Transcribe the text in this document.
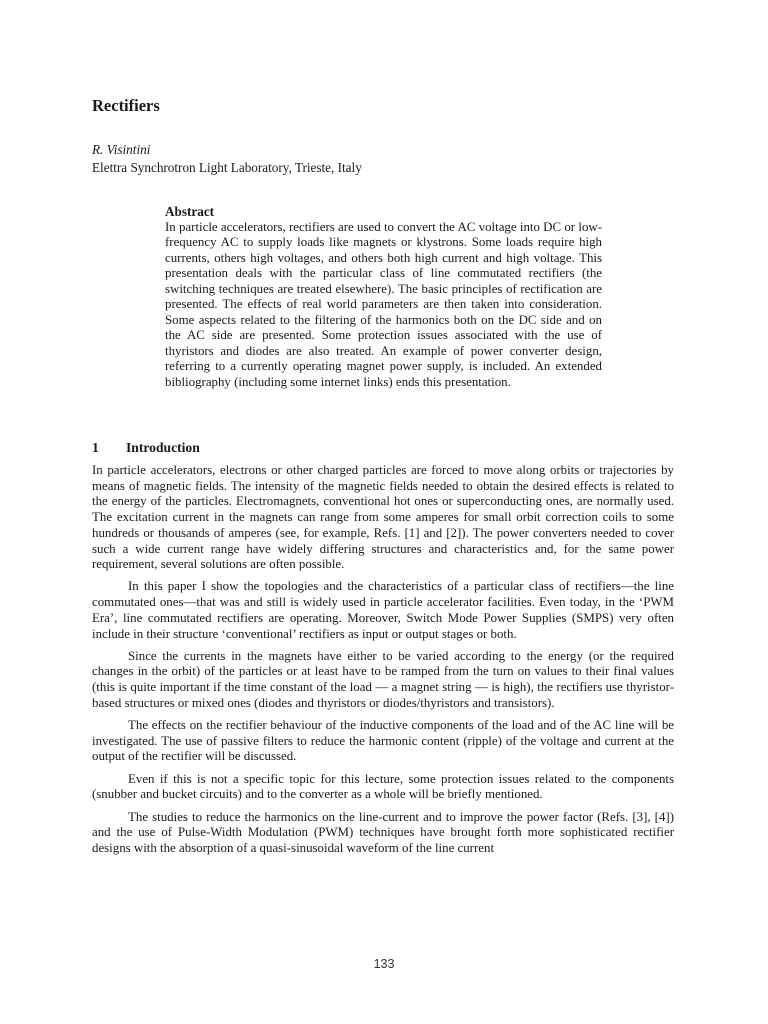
Rectifiers
R. Visintini
Elettra Synchrotron Light Laboratory, Trieste, Italy
Abstract

In particle accelerators, rectifiers are used to convert the AC voltage into DC or low- frequency AC to supply loads like magnets or klystrons. Some loads require high currents, others high voltages, and others both high current and high voltage. This presentation deals with the particular class of line commutated rectifiers (the switching techniques are treated elsewhere). The basic principles of rectification are presented. The effects of real world parameters are then taken into consideration. Some aspects related to the filtering of the harmonics both on the DC side and on the AC side are presented. Some protection issues associated with the use of thyristors and diodes are also treated. An example of power converter design, referring to a currently operating magnet power supply, is included. An extended bibliography (including some internet links) ends this presentation.

1 Introduction

In particle accelerators, electrons or other charged particles are forced to move along orbits or trajectories by means of magnetic fields. The intensity of the magnetic fields needed to obtain the desired effects is related to the energy of the particles. Electromagnets, conventional hot ones or superconducting ones, are normally used. The excitation current in the magnets can range from some amperes for small orbit correction coils to some hundreds or thousands of amperes (see, for example, Refs. [1] and [2]). The power converters needed to cover such a wide current range have widely differing structures and characteristics and, for the same power requirement, several solutions are often possible.

In this paper I show the topologies and the characteristics of a particular class of rectifiers—the line commutated ones—that was and still is widely used in particle accelerator facilities. Even today, in the ‘PWM Era’, line commutated rectifiers are operating. Moreover, Switch Mode Power Supplies (SMPS) very often include in their structure ‘conventional’ rectifiers as input or output stages or both.

Since the currents in the magnets have either to be varied according to the energy (or the required changes in the orbit) of the particles or at least have to be ramped from the turn on values to their final values (this is quite important if the time constant of the load — a magnet string — is high), the rectifiers use thyristor-based structures or mixed ones (diodes and thyristors or diodes/thyristors and transistors).

The effects on the rectifier behaviour of the inductive components of the load and of the AC line will be investigated. The use of passive filters to reduce the harmonic content (ripple) of the voltage and current at the output of the rectifier will be discussed.

Even if this is not a specific topic for this lecture, some protection issues related to the components (snubber and bucket circuits) and to the converter as a whole will be briefly mentioned.

The studies to reduce the harmonics on the line-current and to improve the power factor (Refs. [3], [4]) and the use of Pulse-Width Modulation (PWM) techniques have brought forth more sophisticated rectifier designs with the absorption of a quasi-sinusoidal waveform of the line current

133
